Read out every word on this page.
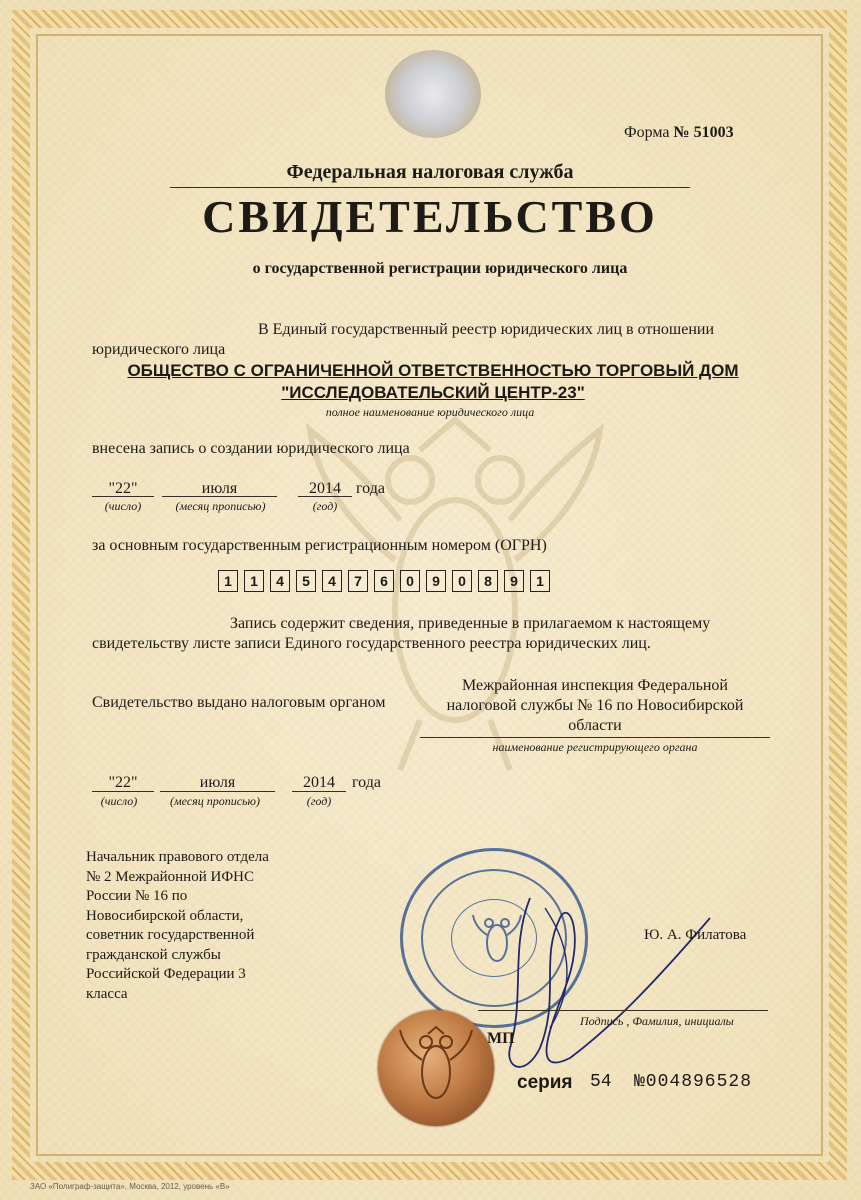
Форма № 51003
Федеральная налоговая служба
СВИДЕТЕЛЬСТВО
о государственной регистрации юридического лица
В Единый государственный реестр юридических лиц в отношении
юридического лица
ОБЩЕСТВО С ОГРАНИЧЕННОЙ ОТВЕТСТВЕННОСТЬЮ ТОРГОВЫЙ ДОМ
"ИССЛЕДОВАТЕЛЬСКИЙ ЦЕНТР-23"
полное наименование юридического лица
внесена запись о создании юридического лица
"22"
(число)
июля
(месяц прописью)
2014
(год)
года
за основным государственным регистрационным номером (ОГРН)
1	1	4	5	4	7	6	0	9	0	8	9	1
Запись содержит сведения, приведенные в прилагаемом к настоящему
свидетельству листе записи Единого государственного реестра юридических лиц.
Свидетельство выдано налоговым органом
Межрайонная инспекция Федеральной
налоговой службы № 16 по Новосибирской
области
наименование регистрирующего органа
"22"
(число)
июля
(месяц прописью)
2014
(год)
года
Начальник правового отдела
№ 2 Межрайонной ИФНС
России № 16 по
Новосибирской области,
советник государственной
гражданской службы
Российской Федерации 3
класса
Ю. А. Филатова
Подпись , Фамилия, инициалы
МП
серия 54 №004896528
ЗАО «Полиграф-защита», Москва, 2012, уровень «В»
